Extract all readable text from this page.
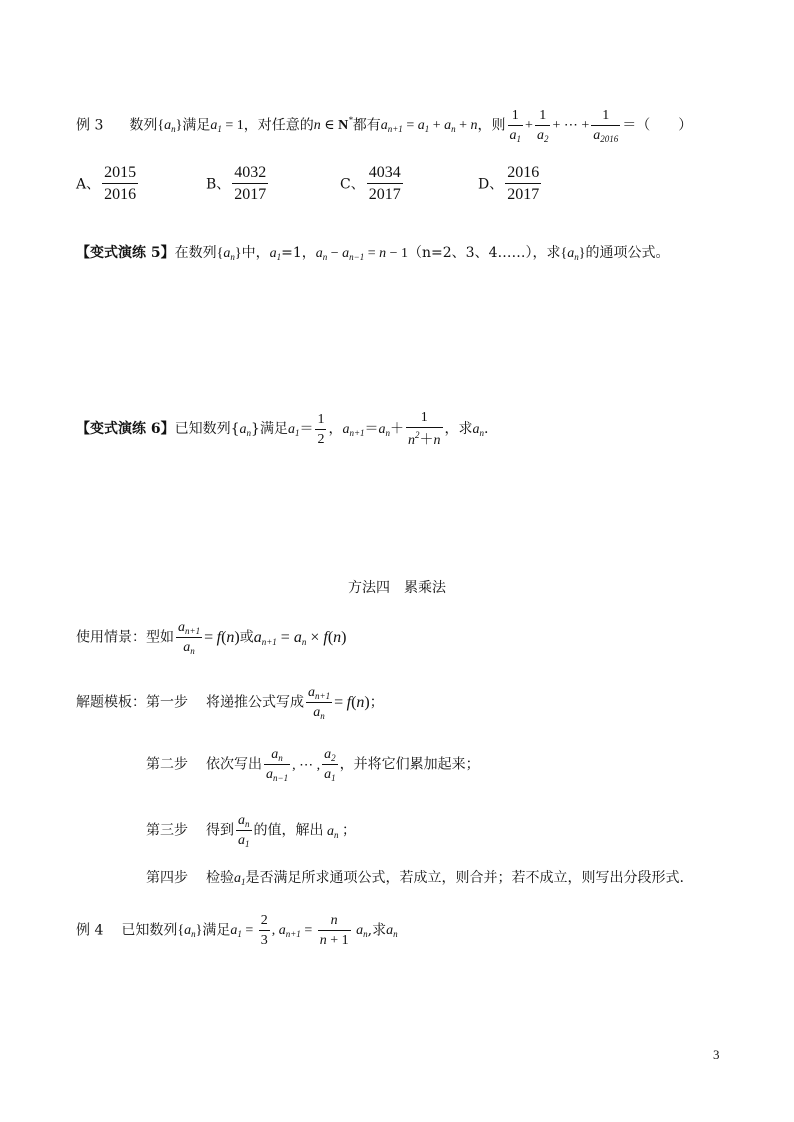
例 3 数列$\{a_n\}$满足$a_1 = 1$，对任意的n ∈ N*都有$a_{n+1} = a_1 + a_n + n$，则 $\frac{1}{a_1} + \frac{1}{a_2}$ + ⋯ + $\frac{1}{a_{2016}}$ ＝（　　）
A、 $\frac{2015}{2016}$	B、 $\frac{4032}{2017}$	C、 $\frac{4034}{2017}$	D、 $\frac{2016}{2017}$
【变式演练 5】在数列$\{a_n\}$中，$a_1=1$，$a_n - a_{n-1} = n - 1(n=2$、3、4……），求$\{a_n\}$的通项公式。
【变式演练 6】已知数列$\{a_n\}$满足$a_1= \frac{1}{2}$ ，$a_{n+1}=a_n+ \frac{1}{n^2+n}$ ，求$a_n$.
方法四　累乘法
使用情景：型如 $\frac{a_{n+1}}{a_n} = f(n)$或$a_{n+1} = a_n \times f(n)$
解题模板：第一步 将递推公式写成 $\frac{a_{n+1}}{a_n} = f(n)$；
第二步 依次写出 $\frac{a_n}{a_{n-1}}$ , ⋯ , $\frac{a_2}{a_1}$ ，并将它们累加起来；
第三步 得到 $\frac{a_n}{a_1}$ 的值，解出 $a_n$ ；
第四步 检验$a_1$是否满足所求通项公式，若成立，则合并；若不成立，则写出分段形式.
例 4 已知数列$\{a_n\}$满足$a_1 = \frac{2}{3}$ , $a_{n+1} = \frac{n}{n + 1} a_n$,求$a_n$
3
